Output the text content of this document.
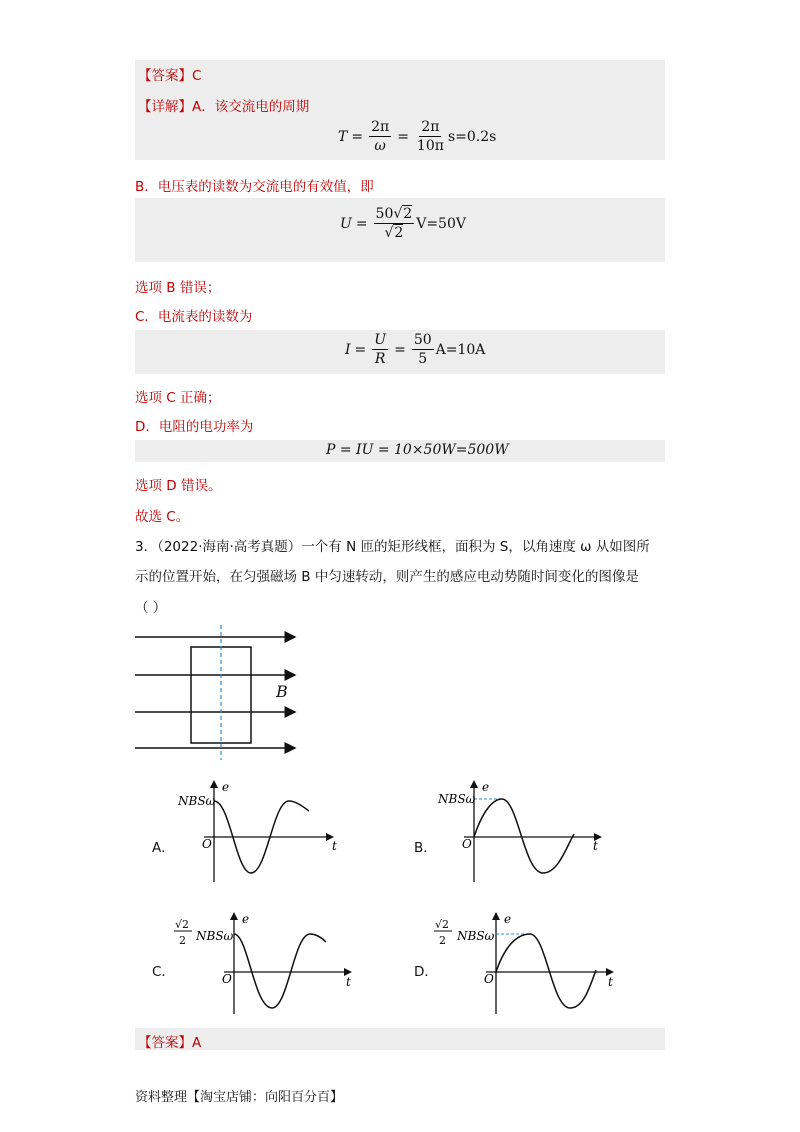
【答案】C
【详解】A．该交流电的周期
$T = \frac{2\pi}{\omega} = \frac{2\pi}{10\pi} s=0.2s$
B．电压表的读数为交流电的有效值，即
$U = \frac{50√2}{√2} V=50V$
选项 B 错误；
C．电流表的读数为
$I = \frac{U}{R} = \frac{50}{5} A=10A$
选项 C 正确；
D．电阻的电功率为
P = IU = 10×50W=500W
选项 D 错误。
故选 C。
3．（2022·海南·高考真题）一个有 N 匝的矩形线框，面积为 S，以角速度 ω 从如图所
示的位置开始，在匀强磁场 B 中匀速转动，则产生的感应电动势随时间变化的图像是
（ ）
B
A．
NBSω
O
e
t	B．
NBSω
O
e
t
C．
√2
2 NBSω
O
e
t
D．
√2
2 NBSω
O
e
t
【答案】A
资料整理【淘宝店铺：向阳百分百】
